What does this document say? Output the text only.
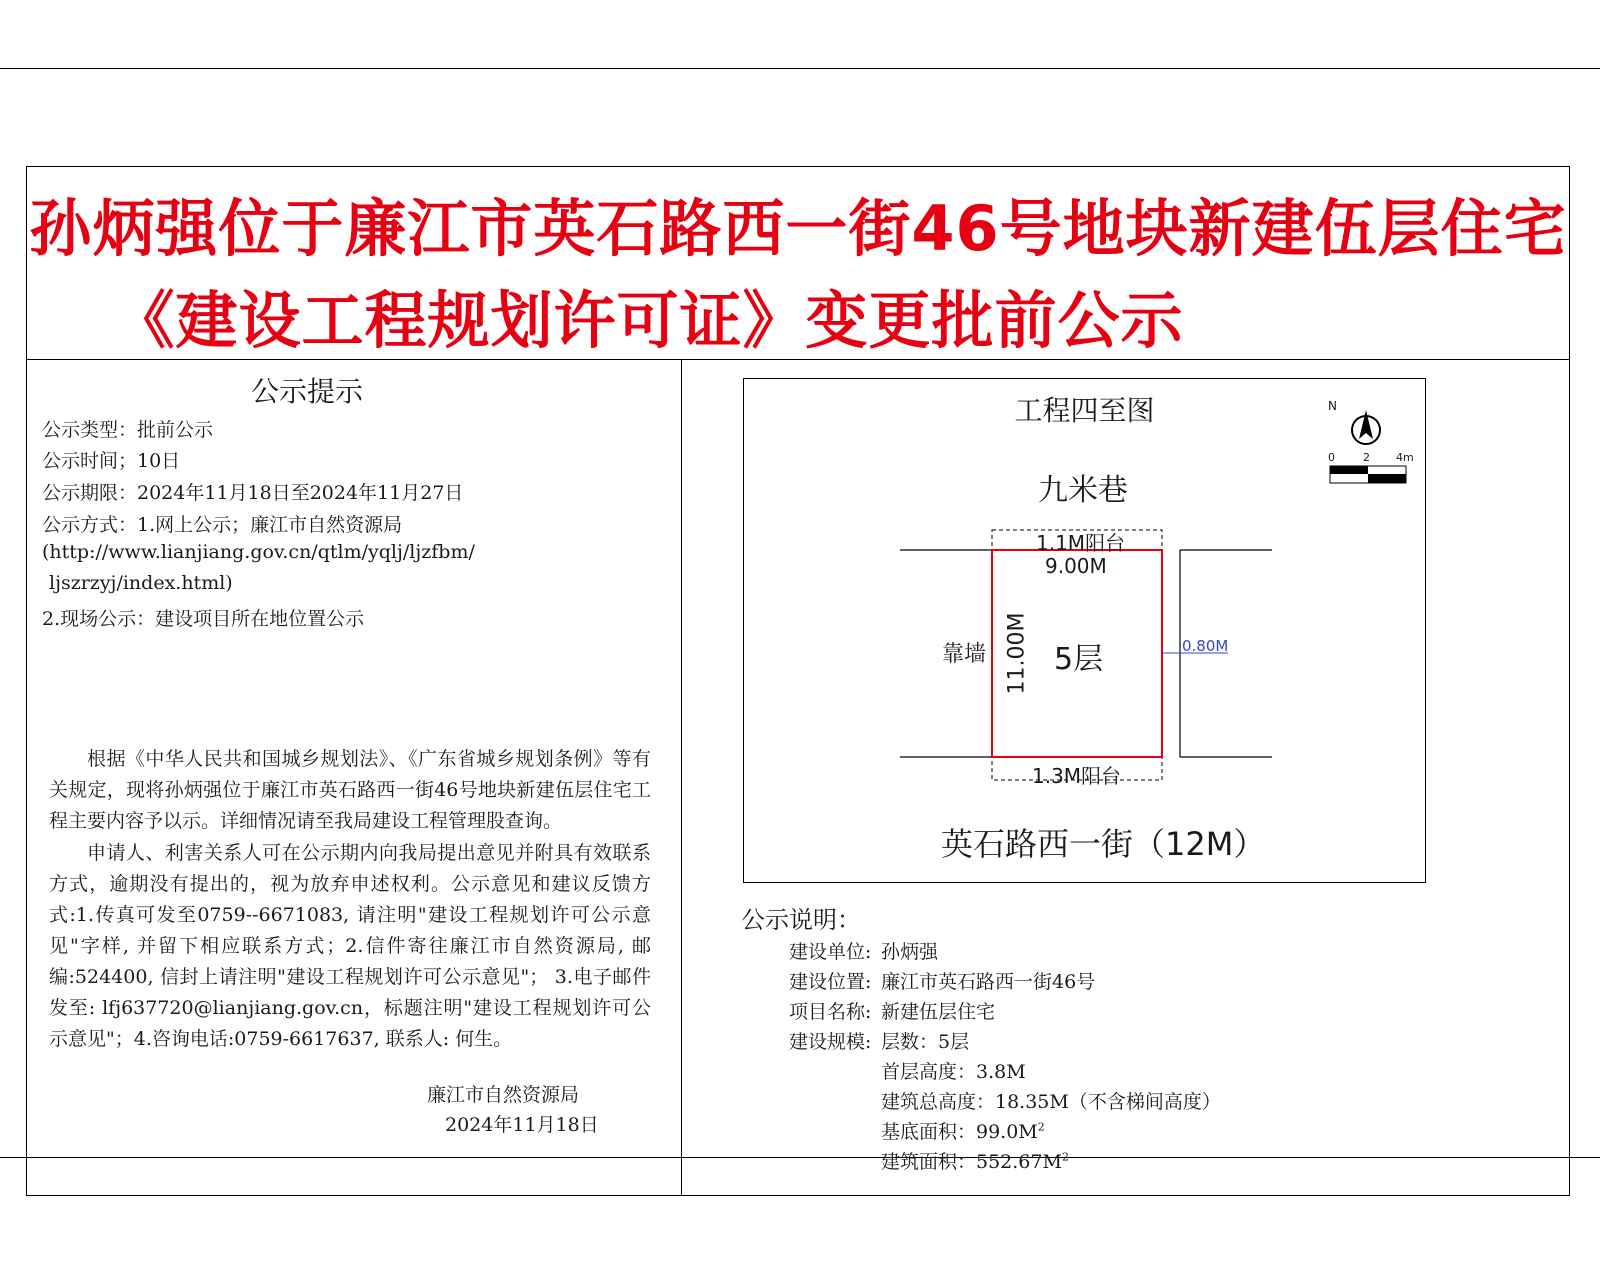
孙炳强位于廉江市英石路西一街46号地块新建伍层住宅
《建设工程规划许可证》变更批前公示
公示提示
公示类型：批前公示
公示时间；10日
公示期限：2024年11月18日至2024年11月27日
公示方式：1.网上公示；廉江市自然资源局
(http://www.lianjiang.gov.cn/qtlm/yqlj/ljzfbm/
ljszrzyj/index.html)
2.现场公示：建设项目所在地位置公示
根据《中华人民共和国城乡规划法》、《广东省城乡规划条例》等有关规定，现将孙炳强位于廉江市英石路西一街46号地块新建伍层住宅工程主要内容予以示。详细情况请至我局建设工程管理股查询。
申请人、利害关系人可在公示期内向我局提出意见并附具有效联系方式，逾期没有提出的，视为放弃申述权利。公示意见和建议反馈方式:1.传真可发至0759--6671083, 请注明"建设工程规划许可公示意见"字样, 并留下相应联系方式；2.信件寄往廉江市自然资源局, 邮编:524400, 信封上请注明"建设工程规划许可公示意见"； 3.电子邮件发至: lfj637720@lianjiang.gov.cn，标题注明"建设工程规划许可公示意见"；4.咨询电话:0759-6617637, 联系人: 何生。
廉江市自然资源局
2024年11月18日
工程四至图	N
0	2 4m
九米巷
1.1M阳台
9.00M
靠墙 11.00M 5层	0.80M
1.3M阳台
英石路西一街（12M）
公示说明：
建设单位: 孙炳强
建设位置: 廉江市英石路西一街46号
项目名称: 新建伍层住宅
建设规模: 层数：5层
首层高度：3.8M
建筑总高度：18.35M（不含梯间高度）
基底面积：$99.0M^2$
建筑面积：$552.67M^2$
